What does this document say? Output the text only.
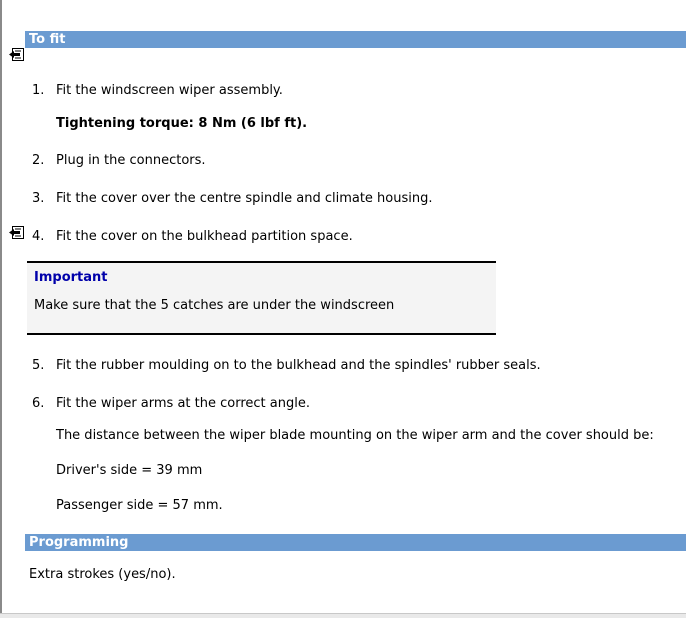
To fit
1. Fit the windscreen wiper assembly.
Tightening torque: 8 Nm (6 lbf ft).
2. Plug in the connectors.
3. Fit the cover over the centre spindle and climate housing.
4. Fit the cover on the bulkhead partition space.
Important
Make sure that the 5 catches are under the windscreen
5. Fit the rubber moulding on to the bulkhead and the spindles' rubber seals.
6. Fit the wiper arms at the correct angle.
The distance between the wiper blade mounting on the wiper arm and the cover should be:
Driver's side = 39 mm
Passenger side = 57 mm.
Programming
Extra strokes (yes/no).
